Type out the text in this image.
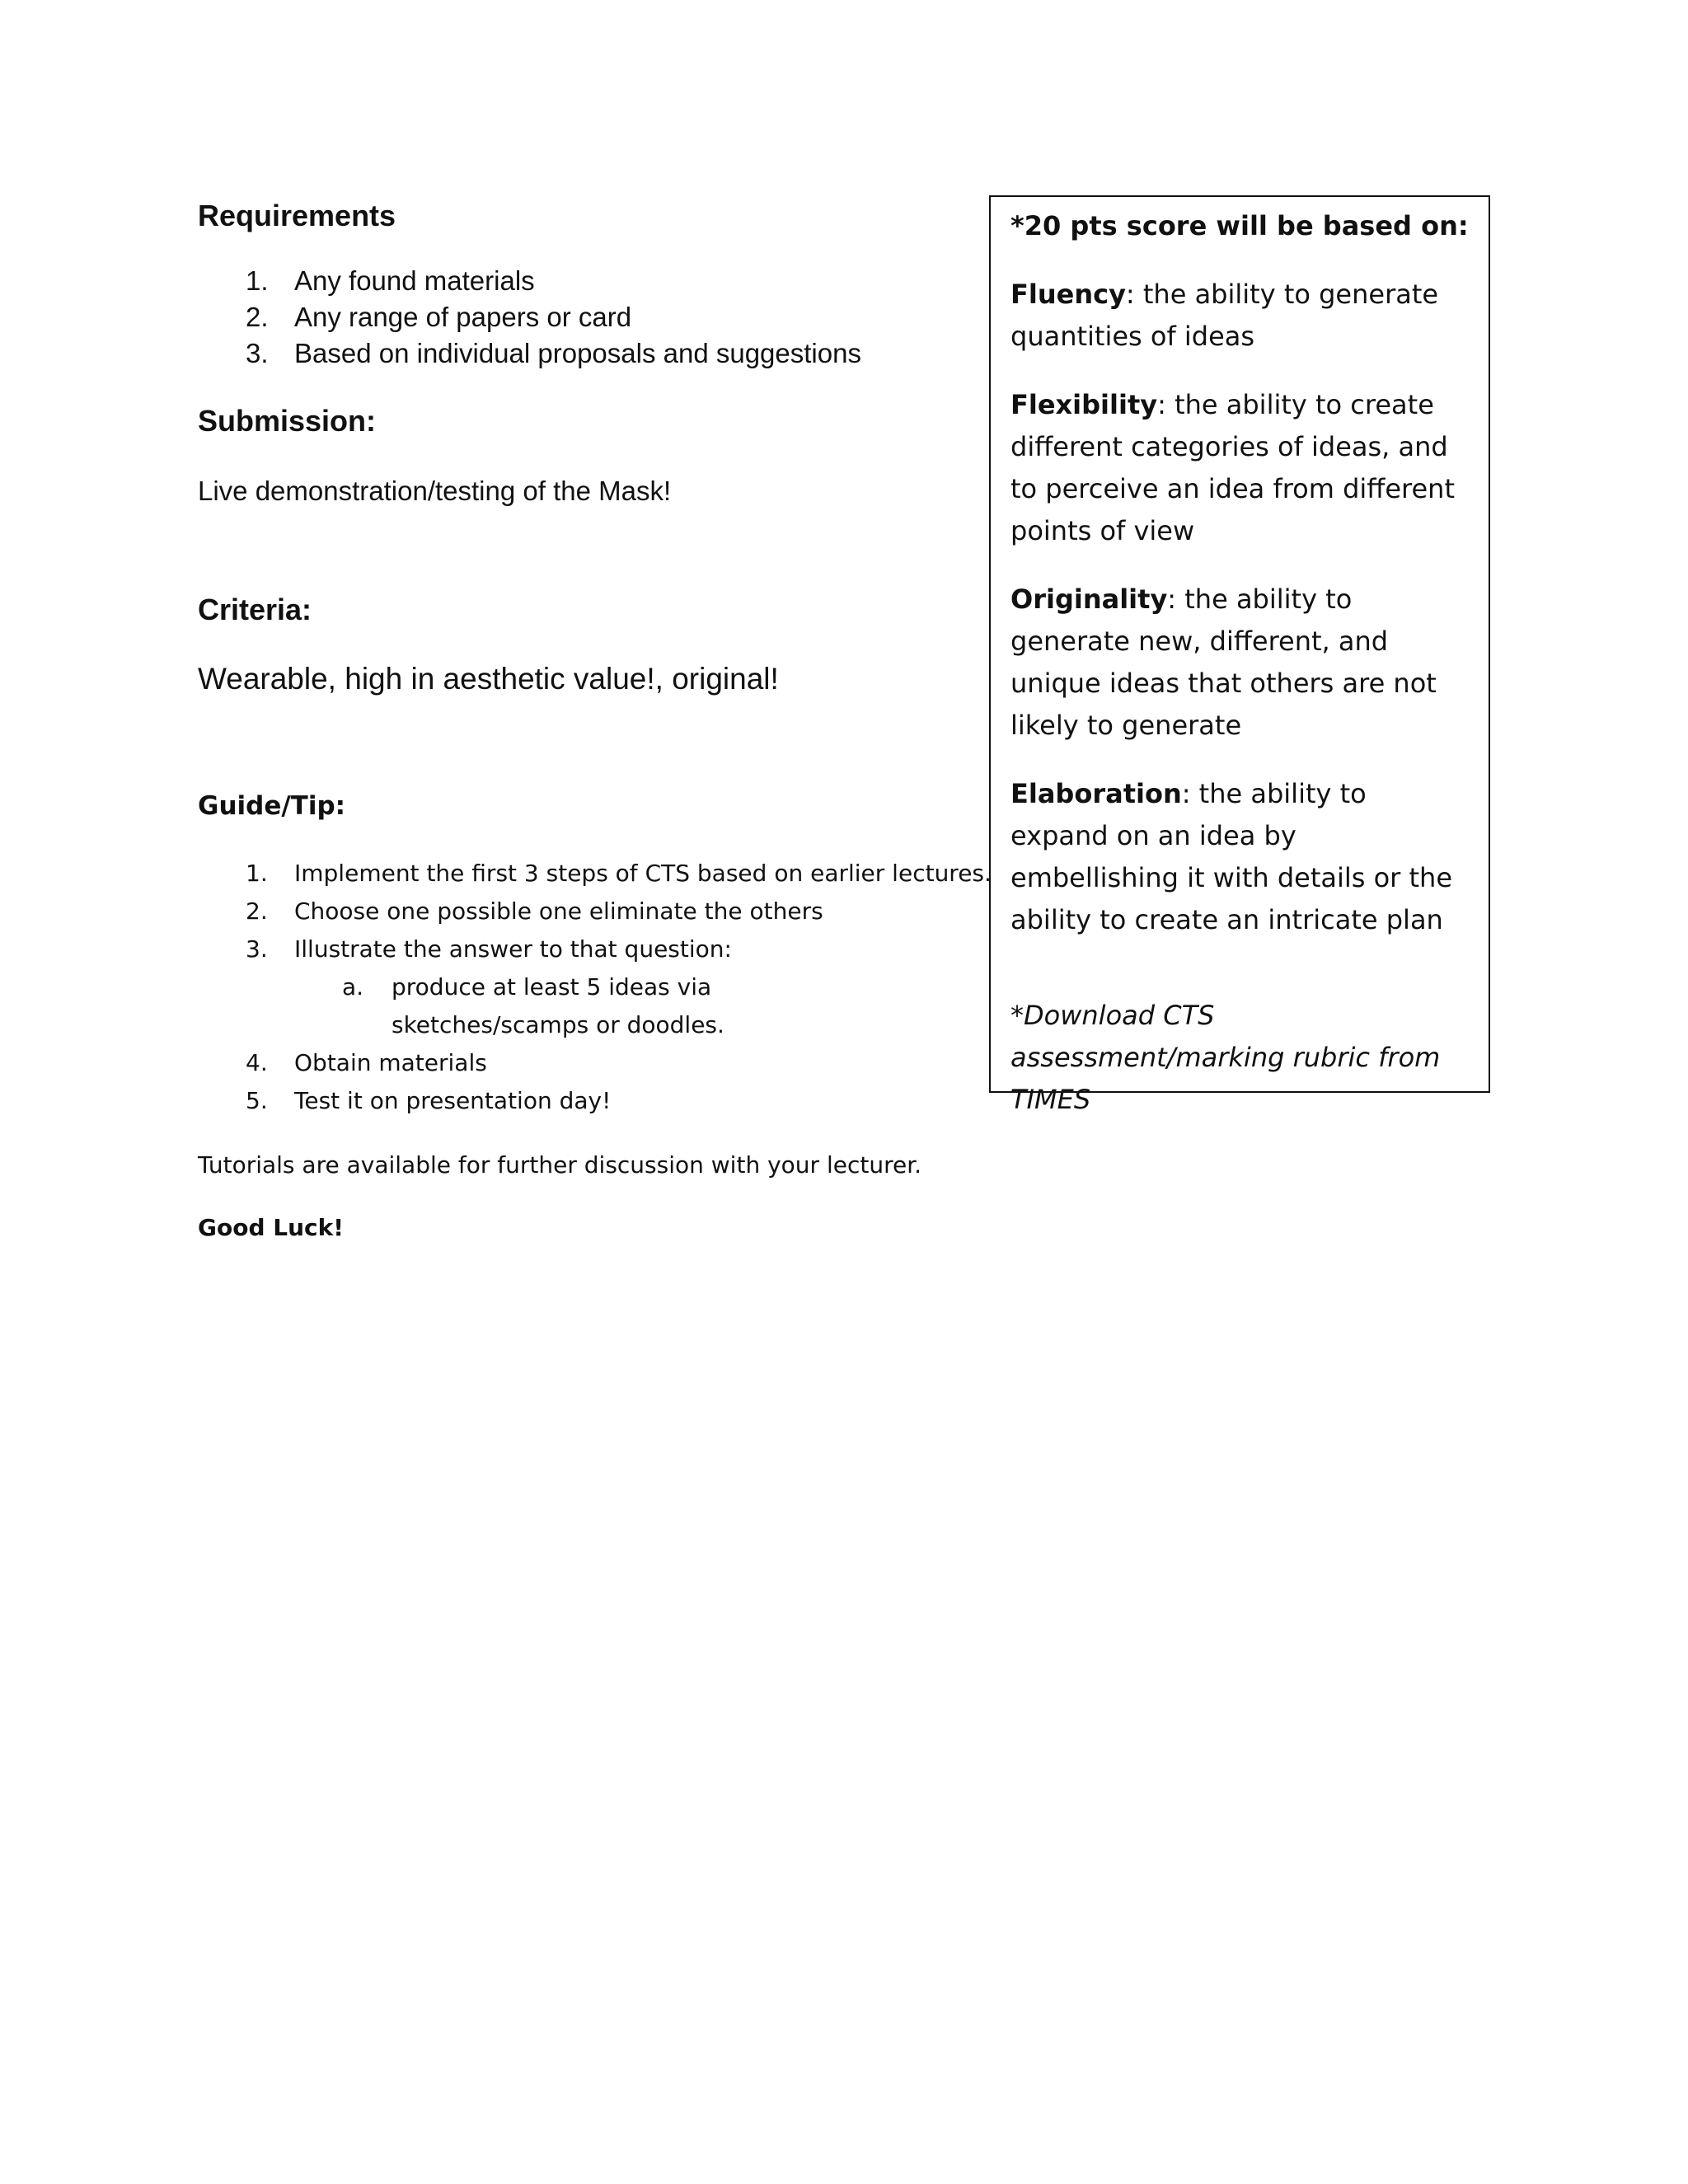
Requirements
1. Any found materials
2. Any range of papers or card
3. Based on individual proposals and suggestions
Submission:
Live demonstration/testing of the Mask!
Criteria:
Wearable, high in aesthetic value!, original!
Guide/Tip:
1. Implement the first 3 steps of CTS based on earlier lectures.
2. Choose one possible one eliminate the others
3. Illustrate the answer to that question:
a. produce at least 5 ideas via sketches/scamps or doodles.
4. Obtain materials
5. Test it on presentation day!
Tutorials are available for further discussion with your lecturer.
Good Luck!

*20 pts score will be based on:

Fluency: the ability to generate quantities of ideas

Flexibility: the ability to create different categories of ideas, and to perceive an idea from different points of view

Originality: the ability to generate new, different, and unique ideas that others are not likely to generate

Elaboration: the ability to expand on an idea by embellishing it with details or the ability to create an intricate plan

*Download CTS assessment/marking rubric from TIMES
